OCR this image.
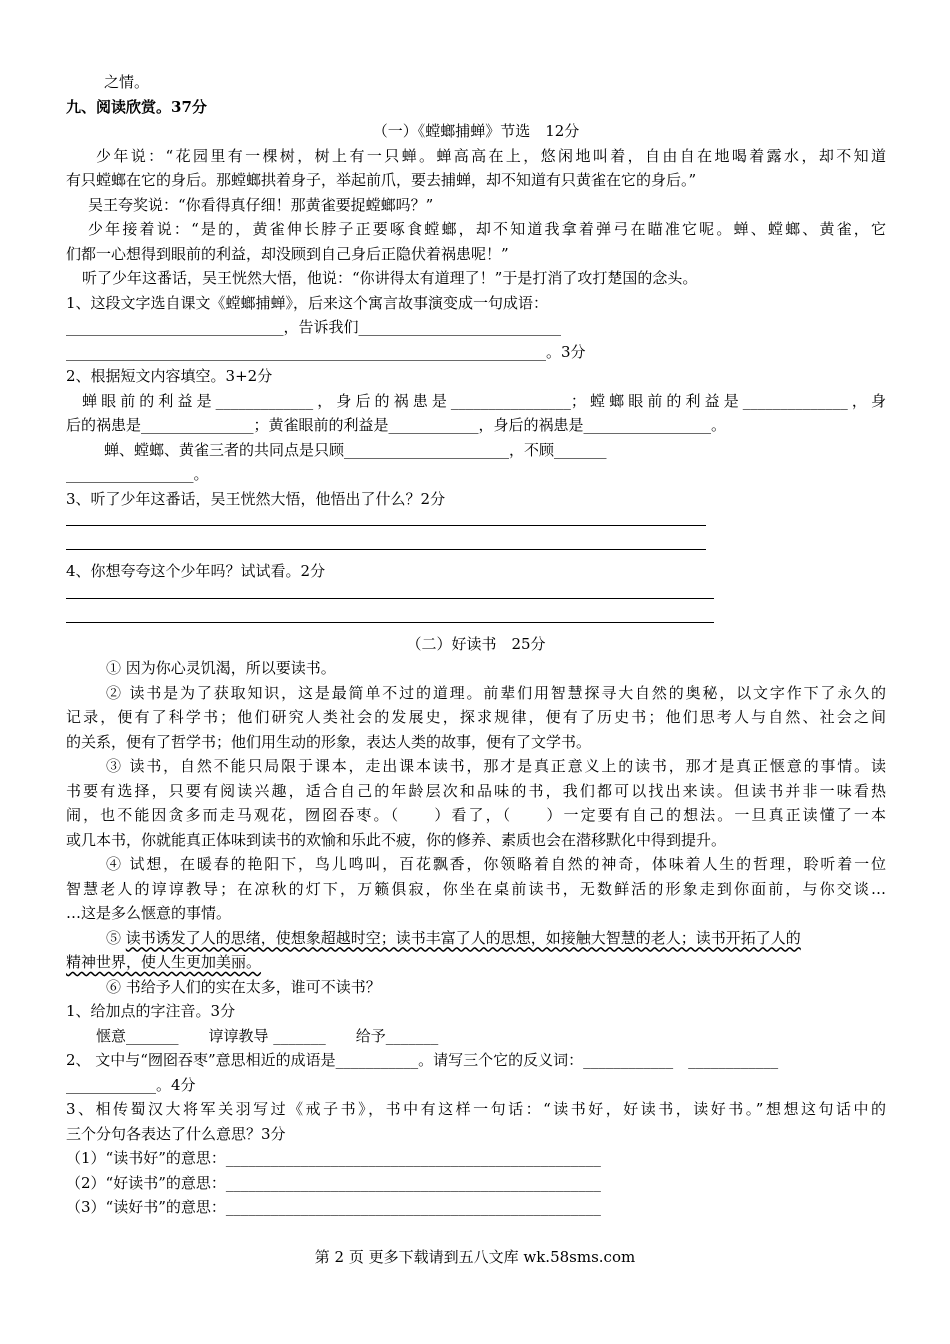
之情。
九、阅读欣赏。37分
（一）《螳螂捕蝉》节选　12分
少年说：“花园里有一棵树，树上有一只蝉。蝉高高在上，悠闲地叫着，自由自在地喝着露水，却不知道
有只螳螂在它的身后。那螳螂拱着身子，举起前爪，要去捕蝉，却不知道有只黄雀在它的身后。”
吴王夸奖说：“你看得真仔细！那黄雀要捉螳螂吗？”
少年接着说：“是的，黄雀伸长脖子正要啄食螳螂，却不知道我拿着弹弓在瞄准它呢。蝉、螳螂、黄雀，它
们都一心想得到眼前的利益，却没顾到自己身后正隐伏着祸患呢！”
听了少年这番话，吴王恍然大悟，他说：“你讲得太有道理了！”于是打消了攻打楚国的念头。
1、这段文字选自课文《螳螂捕蝉》，后来这个寓言故事演变成一句成语：
_____________________________，告诉我们___________________________
________________________________________________________________。3分
2、根据短文内容填空。3+2分
蝉眼前的利益是_____________，身后的祸患是________________；螳螂眼前的利益是______________，身
后的祸患是_______________；黄雀眼前的利益是____________，身后的祸患是_________________。
蝉、螳螂、黄雀三者的共同点是只顾______________________，不顾_______
_________________。
3、听了少年这番话，吴王恍然大悟，他悟出了什么？2分
4、你想夸夸这个少年吗？试试看。2分
（二）好读书　25分
① 因为你心灵饥渴，所以要读书。
② 读书是为了获取知识，这是最简单不过的道理。前辈们用智慧探寻大自然的奥秘，以文字作下了永久的
记录，便有了科学书；他们研究人类社会的发展史，探求规律，便有了历史书；他们思考人与自然、社会之间
的关系，便有了哲学书；他们用生动的形象，表达人类的故事，便有了文学书。
③ 读书，自然不能只局限于课本，走出课本读书，那才是真正意义上的读书，那才是真正惬意的事情。读
书要有选择，只要有阅读兴趣，适合自己的年龄层次和品味的书，我们都可以找出来读。但读书并非一味看热
闹，也不能因贪多而走马观花，囫囵吞枣。（　　）看了，（　　）一定要有自己的想法。一旦真正读懂了一本
或几本书，你就能真正体味到读书的欢愉和乐此不疲，你的修养、素质也会在潜移默化中得到提升。
④ 试想，在暖春的艳阳下，鸟儿鸣叫，百花飘香，你领略着自然的神奇，体味着人生的哲理，聆听着一位
智慧老人的谆谆教导；在凉秋的灯下，万籁俱寂，你坐在桌前读书，无数鲜活的形象走到你面前，与你交谈…
…这是多么惬意的事情。
⑤ 读书诱发了人的思绪，使想象超越时空；读书丰富了人的思想，如接触大智慧的老人；读书开拓了人的
精神世界，使人生更加美丽。
⑥ 书给予人们的实在太多，谁可不读书？
1、给加点的字注音。3分
惬意_______　　谆谆教导 _______　　给予_______
2、 文中与“囫囵吞枣”意思相近的成语是___________。请写三个它的反义词：____________　____________
____________。4分
3、相传蜀汉大将军关羽写过《戒子书》，书中有这样一句话：“读书好，好读书，读好书。”想想这句话中的
三个分句各表达了什么意思？3分
（1）“读书好”的意思：__________________________________________________
（2）“好读书”的意思：__________________________________________________
（3）“读好书”的意思：__________________________________________________
第 2 页 更多下载请到五八文库 wk.58sms.com
